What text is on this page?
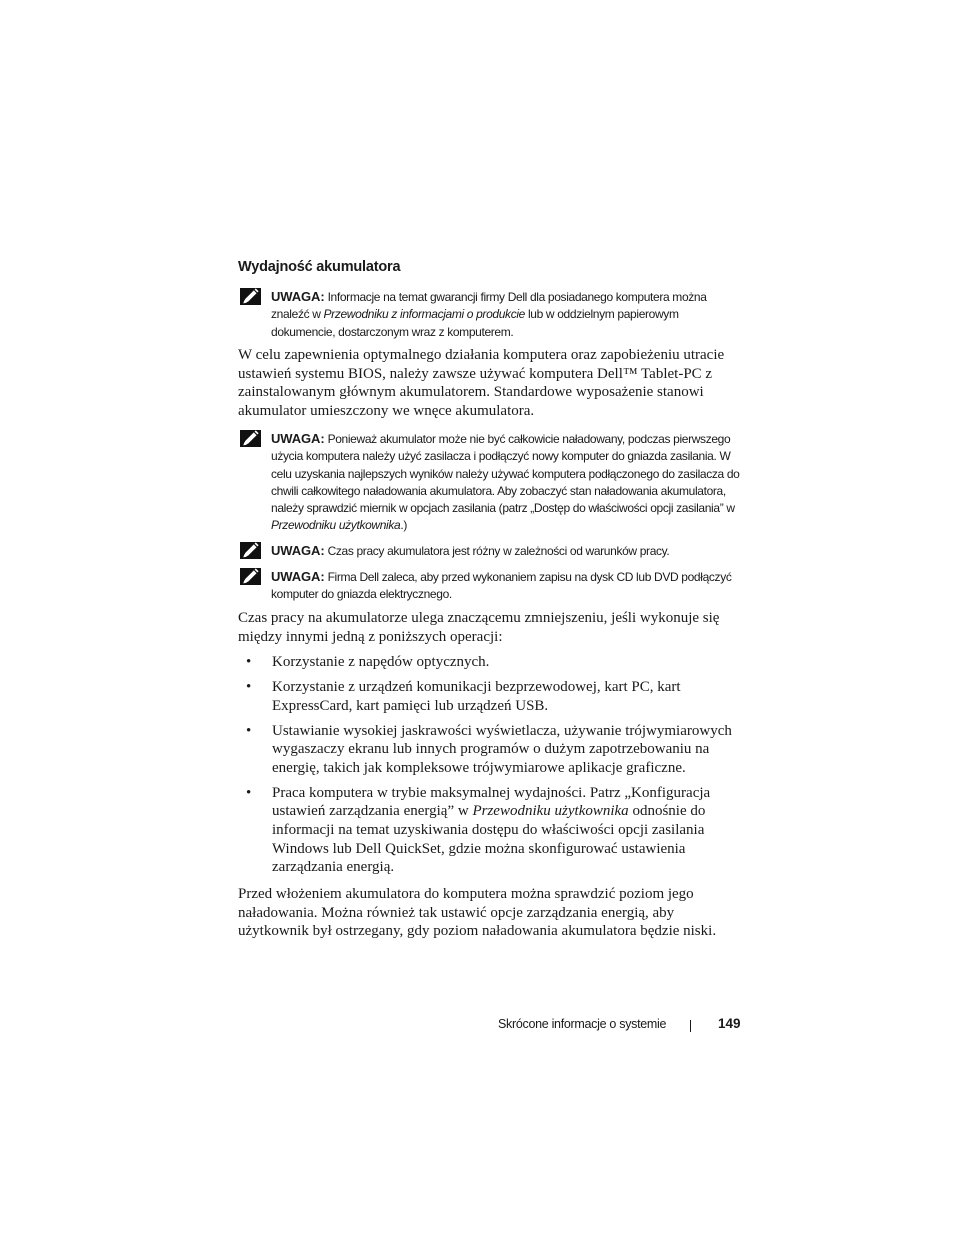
Wydajność akumulatora
UWAGA: Informacje na temat gwarancji firmy Dell dla posiadanego komputera można znaleźć w Przewodniku z informacjami o produkcie lub w oddzielnym papierowym dokumencie, dostarczonym wraz z komputerem.

W celu zapewnienia optymalnego działania komputera oraz zapobieżeniu utracie ustawień systemu BIOS, należy zawsze używać komputera Dell™ Tablet-PC z zainstalowanym głównym akumulatorem. Standardowe wyposażenie stanowi akumulator umieszczony we wnęce akumulatora.

UWAGA: Ponieważ akumulator może nie być całkowicie naładowany, podczas pierwszego użycia komputera należy użyć zasilacza i podłączyć nowy komputer do gniazda zasilania. W celu uzyskania najlepszych wyników należy używać komputera podłączonego do zasilacza do chwili całkowitego naładowania akumulatora. Aby zobaczyć stan naładowania akumulatora, należy sprawdzić miernik w opcjach zasilania (patrz „Dostęp do właściwości opcji zasilania” w Przewodniku użytkownika.)
UWAGA: Czas pracy akumulatora jest różny w zależności od warunków pracy.
UWAGA: Firma Dell zaleca, aby przed wykonaniem zapisu na dysk CD lub DVD podłączyć komputer do gniazda elektrycznego.

Czas pracy na akumulatorze ulega znaczącemu zmniejszeniu, jeśli wykonuje się między innymi jedną z poniższych operacji:

• Korzystanie z napędów optycznych.
• Korzystanie z urządzeń komunikacji bezprzewodowej, kart PC, kart ExpressCard, kart pamięci lub urządzeń USB.
• Ustawianie wysokiej jaskrawości wyświetlacza, używanie trójwymiarowych wygaszaczy ekranu lub innych programów o dużym zapotrzebowaniu na energię, takich jak kompleksowe trójwymiarowe aplikacje graficzne.
• Praca komputera w trybie maksymalnej wydajności. Patrz „Konfiguracja ustawień zarządzania energią” w Przewodniku użytkownika odnośnie do informacji na temat uzyskiwania dostępu do właściwości opcji zasilania Windows lub Dell QuickSet, gdzie można skonfigurować ustawienia zarządzania energią.

Przed włożeniem akumulatora do komputera można sprawdzić poziom jego naładowania. Można również tak ustawić opcje zarządzania energią, aby użytkownik był ostrzegany, gdy poziom naładowania akumulatora będzie niski.

Skrócone informacje o systemie	149
